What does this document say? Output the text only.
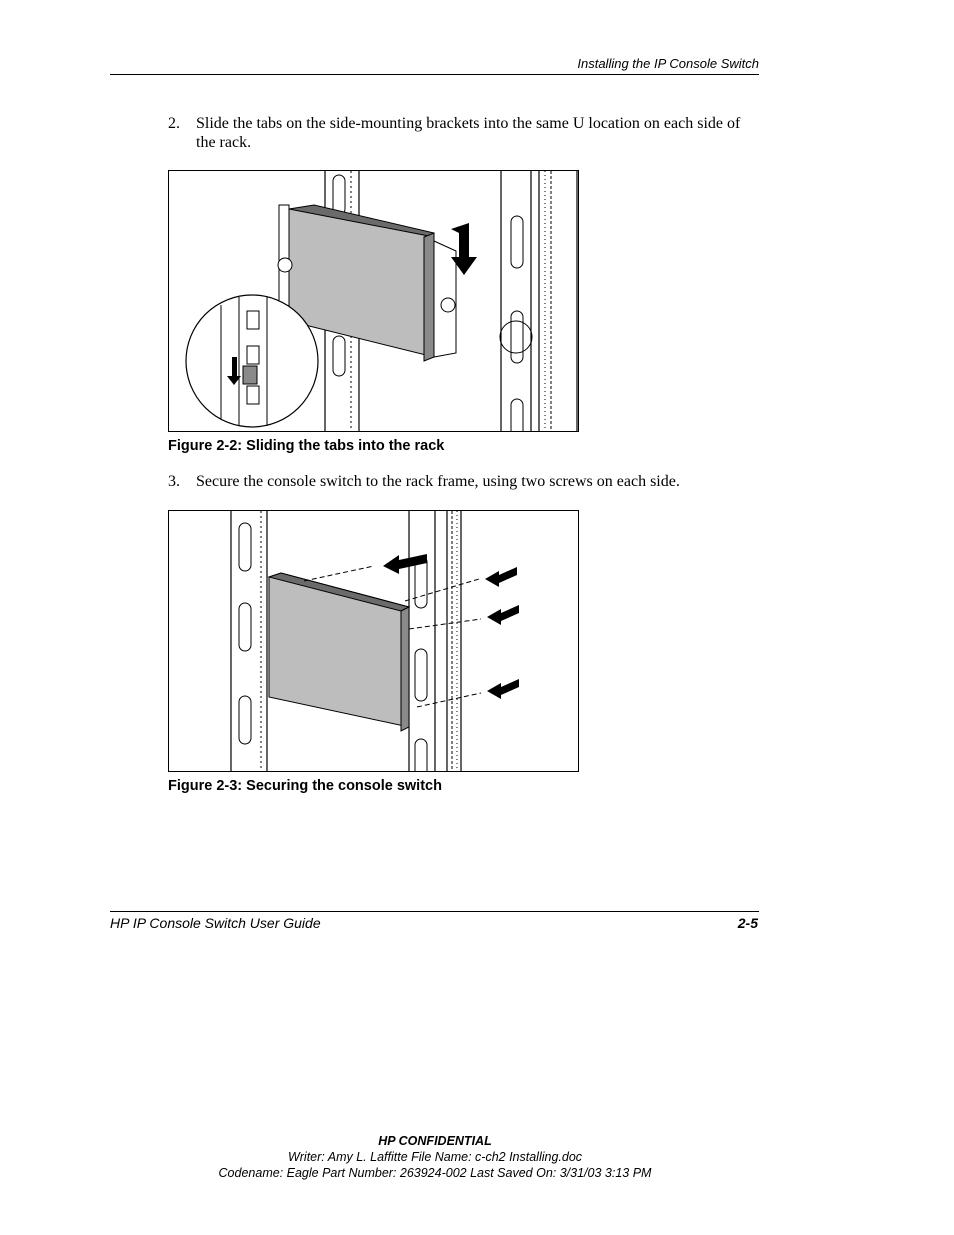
Installing the IP Console Switch
2.	Slide the tabs on the side-mounting brackets into the same U location on each side of the rack.
Figure 2-2: Sliding the tabs into the rack
3.	Secure the console switch to the rack frame, using two screws on each side.
Figure 2-3: Securing the console switch
HP IP Console Switch User Guide	2-5
HP CONFIDENTIAL
Writer: Amy L. Laffitte File Name: c-ch2 Installing.doc
Codename: Eagle Part Number: 263924-002 Last Saved On: 3/31/03 3:13 PM
